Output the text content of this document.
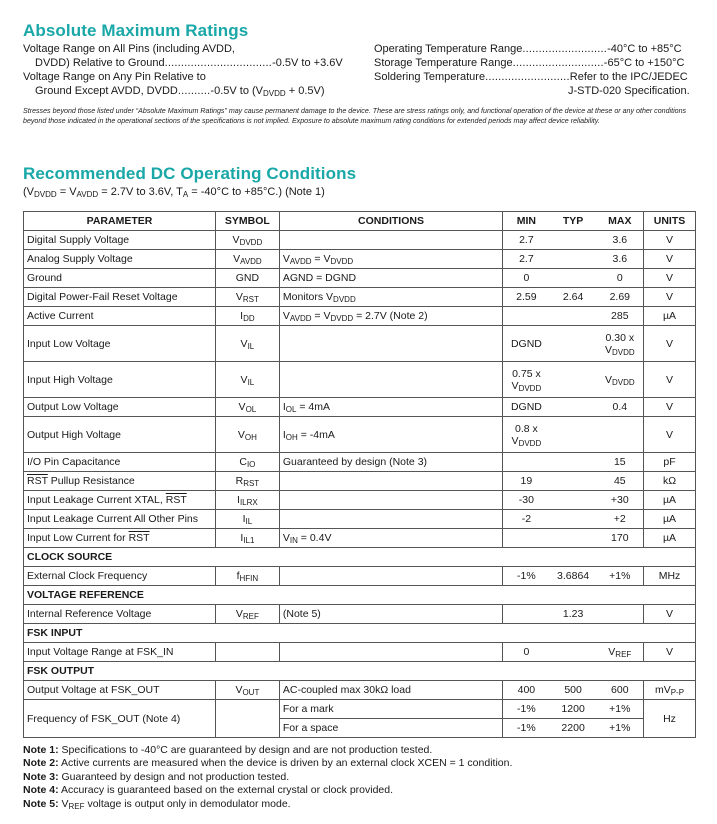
Absolute Maximum Ratings
Voltage Range on All Pins (including AVDD,
DVDD) Relative to Ground.................................-0.5V to +3.6V
Voltage Range on Any Pin Relative to
Ground Except AVDD, DVDD..........-0.5V to $(V_{DVDD} + 0.5V)$
Operating Temperature Range..........................-40°C to +85°C
Storage Temperature Range............................-65°C to +150°C
Soldering Temperature..........................Refer to the IPC/JEDEC
J-STD-020 Specification.
Stresses beyond those listed under “Absolute Maximum Ratings” may cause permanent damage to the device. These are stress ratings only, and functional operation of the device at these or any other conditions beyond those indicated in the operational sections of the specifications is not implied. Exposure to absolute maximum rating conditions for extended periods may affect device reliability.
Recommended DC Operating Conditions
($V_{DVDD} = V_{AVDD} = 2.7V$ to 3.6V, $T_A = -40^\circ C$ to +85°C.) (Note 1)
PARAMETER	SYMBOL	CONDITIONS	MIN	TYP	MAX	UNITS
Digital Supply Voltage	$V_{DVDD}$		2.7		3.6	V
Analog Supply Voltage	$V_{AVDD}$	$V_{AVDD} = V_{DVDD}$	2.7		3.6	V
Ground	GND	AGND = DGND	0		0	V
Digital Power-Fail Reset Voltage	$V_{RST}$	Monitors $V_{DVDD}$	2.59	2.64	2.69	V
Active Current	$I_{DD}$	$V_{AVDD} = V_{DVDD} = 2.7V$ (Note 2)			285	µA
Input Low Voltage	$V_{IL}$		DGND		0.30 x
$V_{DVDD}$	V
Input High Voltage	$V_{IL}$		0.75 x
$V_{DVDD}$		$V_{DVDD}$	V
Output Low Voltage	$V_{OL}$	$I_{OL} = 4mA$	DGND		0.4	V
Output High Voltage	$V_{OH}$	$I_{OH} = -4mA$	0.8 x
$V_{DVDD}$			V
I/O Pin Capacitance	$C_{IO}$	Guaranteed by design (Note 3)			15	pF
$\overline{RST}$ Pullup Resistance	$R_{RST}$		19		45	kΩ
Input Leakage Current XTAL, $\overline{RST}$	$I_{ILRX}$		-30		+30	µA
Input Leakage Current All Other Pins	$I_{IL}$		-2		+2	µA
Input Low Current for $\overline{RST}$	$I_{IL1}$	$V_{IN} = 0.4V$			170	µA
CLOCK SOURCE						
External Clock Frequency	$f_{HFIN}$		-1%	3.6864	+1%	MHz
VOLTAGE REFERENCE						
Internal Reference Voltage	$V_{REF}$	(Note 5)		1.23		V
FSK INPUT						
Input Voltage Range at FSK_IN			0		$V_{REF}$	V
FSK OUTPUT						
Output Voltage at FSK_OUT	$V_{OUT}$	AC-coupled max 30kΩ load	400	500	600	$mV_{P-P}$
Frequency of FSK_OUT (Note 4)		For a mark	-1%	1200	+1%	Hz
		For a space	-1%	2200	+1%	
Note 1: Specifications to -40°C are guaranteed by design and are not production tested.
Note 2: Active currents are measured when the device is driven by an external clock XCEN = 1 condition.
Note 3: Guaranteed by design and not production tested.
Note 4: Accuracy is guaranteed based on the external crystal or clock provided.
Note 5: $V_{REF}$ voltage is output only in demodulator mode.
